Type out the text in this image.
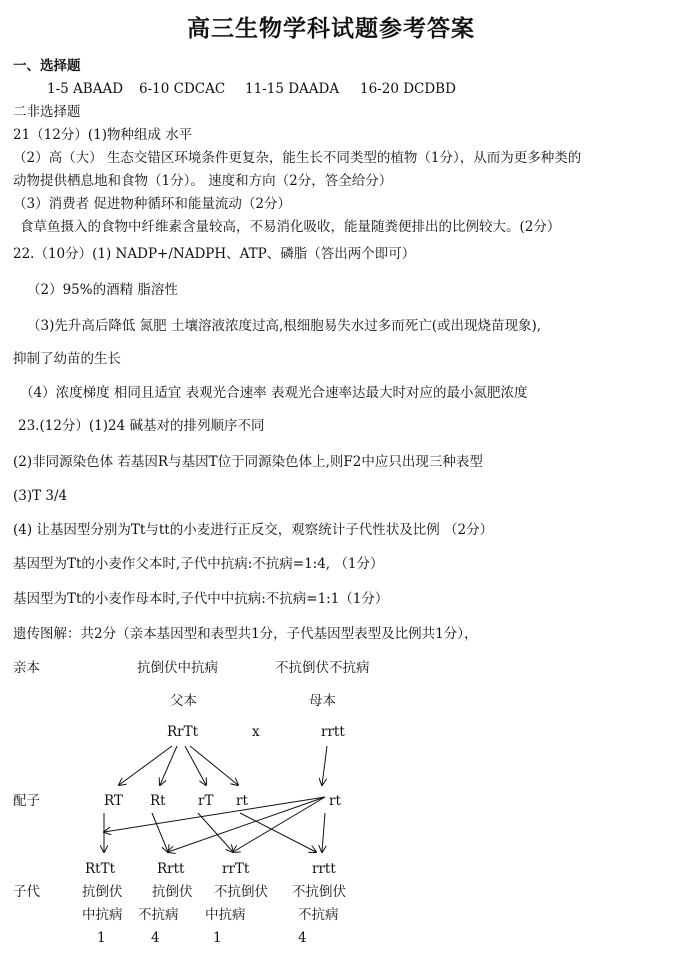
高三生物学科试题参考答案
一、选择题
1-5 ABAAD 6-10 CDCAC 11-15 DAADA 16-20 DCDBD
二非选择题
21（12分）(1)物种组成 水平
（2）高（大） 生态交错区环境条件更复杂，能生长不同类型的植物（1分），从而为更多种类的
动物提供栖息地和食物（1分）。 速度和方向（2分，答全给分）
（3）消费者 促进物种循环和能量流动（2分）
食草鱼摄入的食物中纤维素含量较高，不易消化吸收，能量随粪便排出的比例较大。(2分）
22.（10分）(1) NADP+/NADPH、ATP、磷脂（答出两个即可）
（2）95%的酒精 脂溶性
（3)先升高后降低 氮肥 土壤溶液浓度过高,根细胞易失水过多而死亡(或出现烧苗现象),
抑制了幼苗的生长
（4）浓度梯度 相同且适宜 表观光合速率 表观光合速率达最大时对应的最小氮肥浓度
23.(12分）(1)24 碱基对的排列顺序不同
(2)非同源染色体 若基因R与基因T位于同源染色体上,则F2中应只出现三种表型
(3)T 3/4
(4) 让基因型分别为Tt与tt的小麦进行正反交，观察统计子代性状及比例 （2分）
基因型为Tt的小麦作父本时,子代中抗病:不抗病=1:4, （1分）
基因型为Tt的小麦作母本时,子代中中抗病:不抗病=1:1（1分）
遗传图解：共2分（亲本基因型和表型共1分，子代基因型表型及比例共1分），
亲本	抗倒伏中抗病	不抗倒伏不抗病
父本	母本
RrTt	x	rrtt
配子	RT Rt rT rt	rt
RtTt	Rrtt	rrTt	rrtt
子代	抗倒伏 抗倒伏 不抗倒伏 不抗倒伏
中抗病 不抗病 中抗病	不抗病
1	4	1	4
